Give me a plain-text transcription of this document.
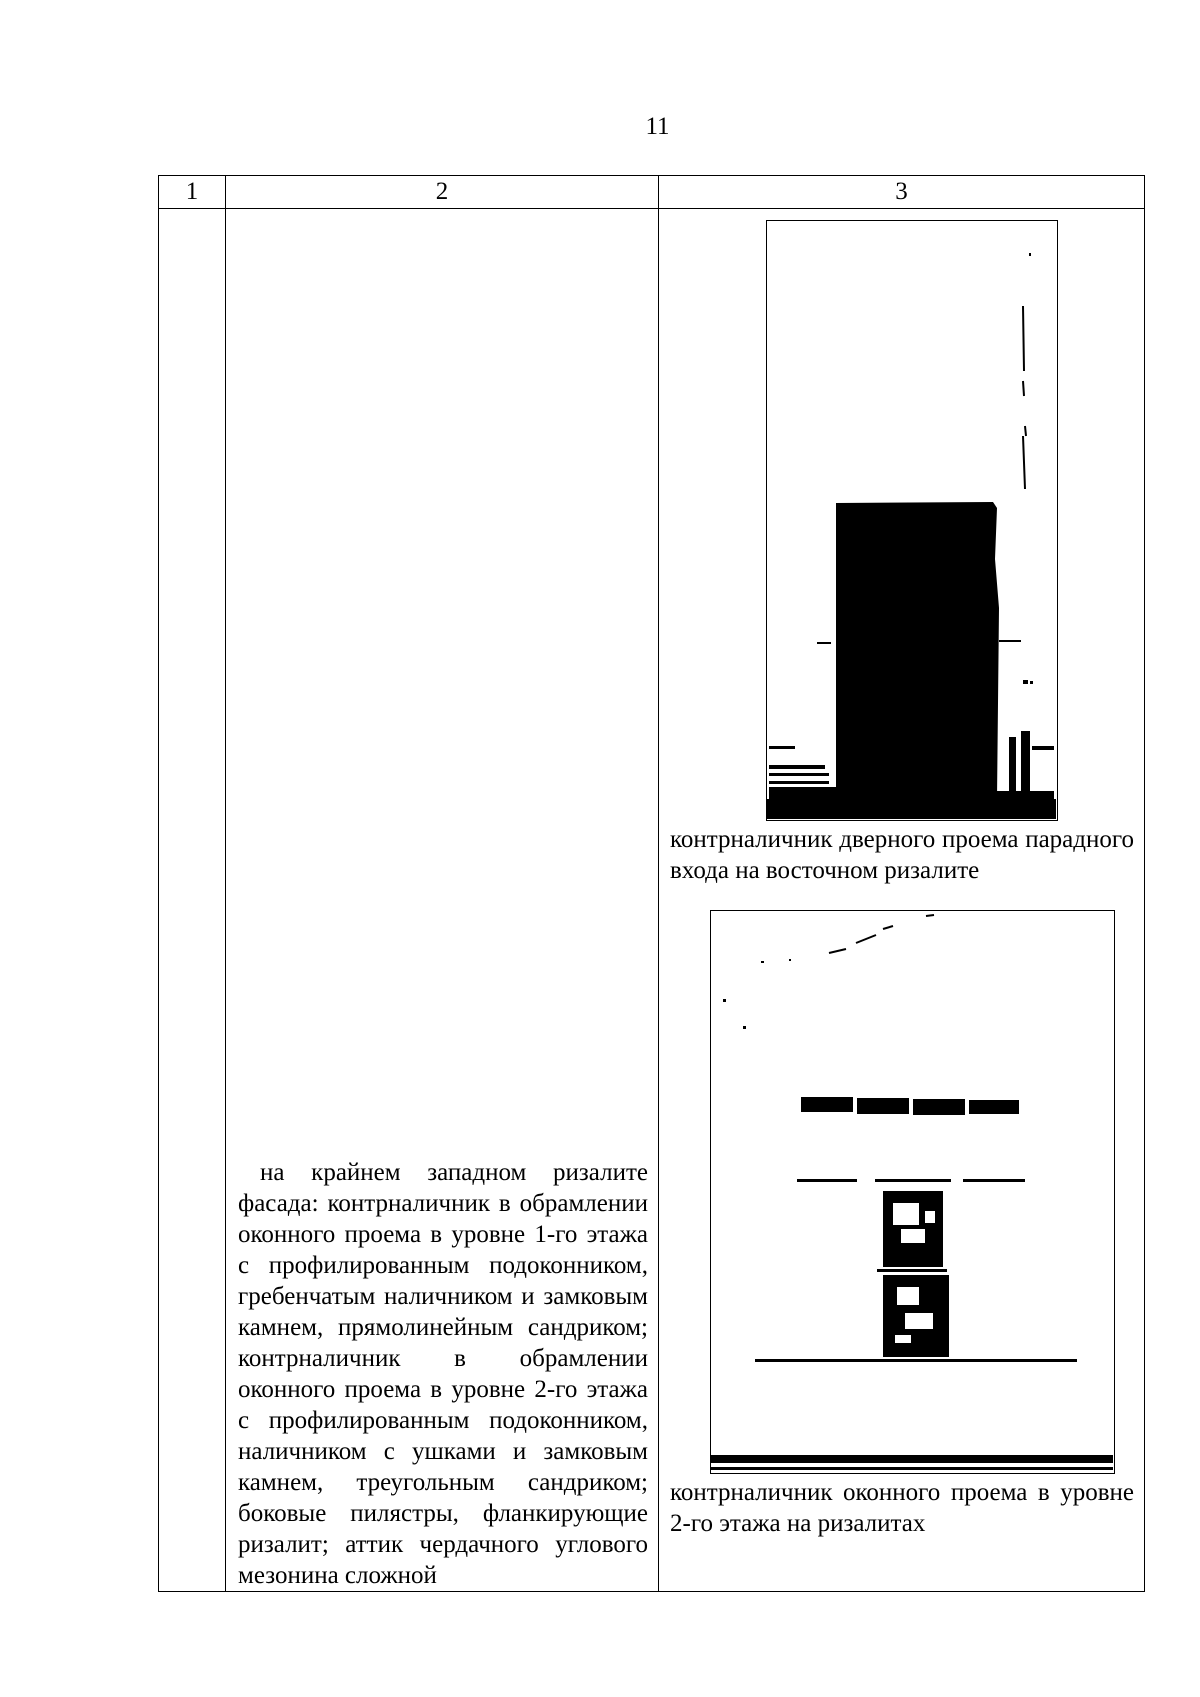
11
1	2	3

	на крайнем западном ризалите фасада: контрналичник в обрамлении оконного проема в уровне 1-го этажа с профилированным подоконником, гребенчатым наличником и замковым камнем, прямолинейным сандриком; контрналичник в обрамлении оконного проема в уровне 2-го этажа с профилированным подоконником, наличником с ушками и замковым камнем, треугольным сандриком; боковые пилястры, фланкирующие ризалит; аттик чердачного углового мезонина сложной	контрналичник дверного проема парадного входа на восточном ризалите

контрналичник оконного проема в уровне 2-го этажа на ризалитах
